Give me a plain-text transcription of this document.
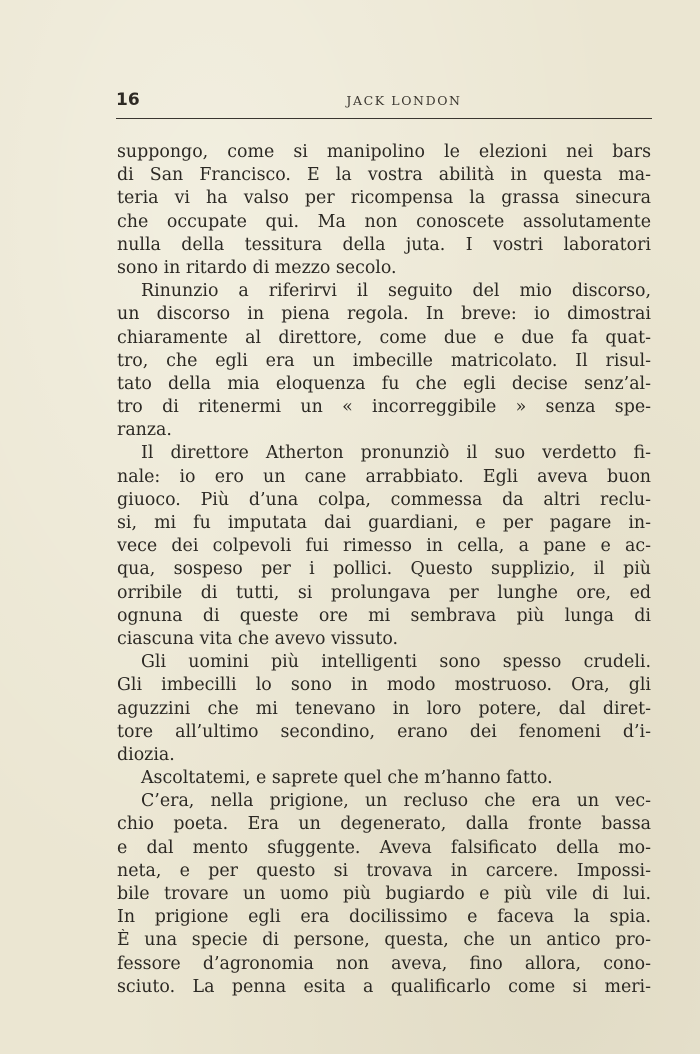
16	JACK LONDON
suppongo, come si manipolino le elezioni nei bars
di San Francisco. E la vostra abilità in questa ma-
teria vi ha valso per ricompensa la grassa sinecura
che occupate qui. Ma non conoscete assolutamente
nulla della tessitura della juta. I vostri laboratori
sono in ritardo di mezzo secolo.
Rinunzio a riferirvi il seguito del mio discorso,
un discorso in piena regola. In breve: io dimostrai
chiaramente al direttore, come due e due fa quat-
tro, che egli era un imbecille matricolato. Il risul-
tato della mia eloquenza fu che egli decise senz’al-
tro di ritenermi un « incorreggibile » senza spe-
ranza.
Il direttore Atherton pronunziò il suo verdetto fi-
nale: io ero un cane arrabbiato. Egli aveva buon
giuoco. Più d’una colpa, commessa da altri reclu-
si, mi fu imputata dai guardiani, e per pagare in-
vece dei colpevoli fui rimesso in cella, a pane e ac-
qua, sospeso per i pollici. Questo supplizio, il più
orribile di tutti, si prolungava per lunghe ore, ed
ognuna di queste ore mi sembrava più lunga di
ciascuna vita che avevo vissuto.
Gli uomini più intelligenti sono spesso crudeli.
Gli imbecilli lo sono in modo mostruoso. Ora, gli
aguzzini che mi tenevano in loro potere, dal diret-
tore all’ultimo secondino, erano dei fenomeni d’i-
diozia.
Ascoltatemi, e saprete quel che m’hanno fatto.
C’era, nella prigione, un recluso che era un vec-
chio poeta. Era un degenerato, dalla fronte bassa
e dal mento sfuggente. Aveva falsificato della mo-
neta, e per questo si trovava in carcere. Impossi-
bile trovare un uomo più bugiardo e più vile di lui.
In prigione egli era docilissimo e faceva la spia.
È una specie di persone, questa, che un antico pro-
fessore d’agronomia non aveva, fino allora, cono-
sciuto. La penna esita a qualificarlo come si meri-
